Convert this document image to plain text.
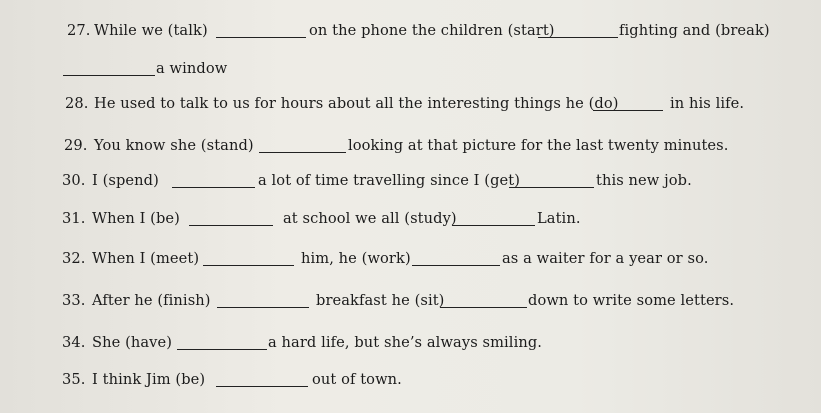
27. While we (talk)	on the phone the children (start)	fighting and (break)
a window
28. He used to talk to us for hours about all the interesting things he (do)	in his life.
29. You know she (stand)	looking at that picture for the last twenty minutes.
30. I (spend)	a lot of time travelling since I (get)	this new job.
31. When I (be)	at school we all (study)	Latin.
32. When I (meet)	him, he (work)	as a waiter for a year or so.
33. After he (finish)	breakfast he (sit)	down to write some letters.
34. She (have)	a hard life, but she’s always smiling.
35. I think Jim (be)	out of town.
